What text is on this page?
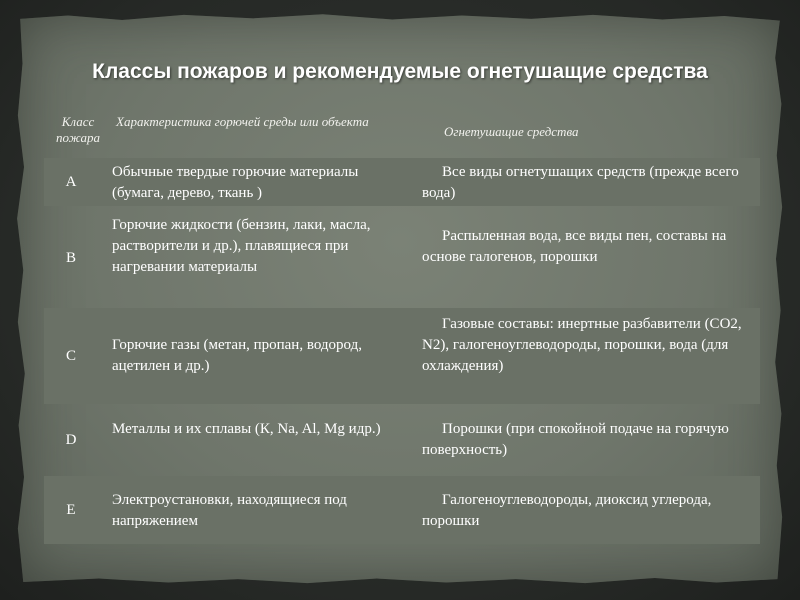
Классы пожаров и рекомендуемые огнетушащие средства
Класс пожара
Характеристика горючей среды или объекта
Огнетушащие средства
A
Обычные твердые горючие материалы (бумага, дерево, ткань )
Все виды огнетушащих средств (прежде всего вода)
B
Горючие жидкости (бензин, лаки, масла, растворители и др.), плавящиеся при нагревании материалы
Распыленная вода, все виды пен, составы на основе галогенов, порошки
C
Горючие газы (метан, пропан, водород, ацетилен и др.)
Газовые составы: инертные разбавители (СО2, N2), галогеноуглеводороды, порошки, вода (для охлаждения)
D
Металлы и их сплавы (К, Na, Al, Mg идр.)	Порошки (при спокойной подаче на горячую поверхность)
E
Электроустановки, находящиеся под напряжением
Галогеноуглеводороды, диоксид углерода, порошки
